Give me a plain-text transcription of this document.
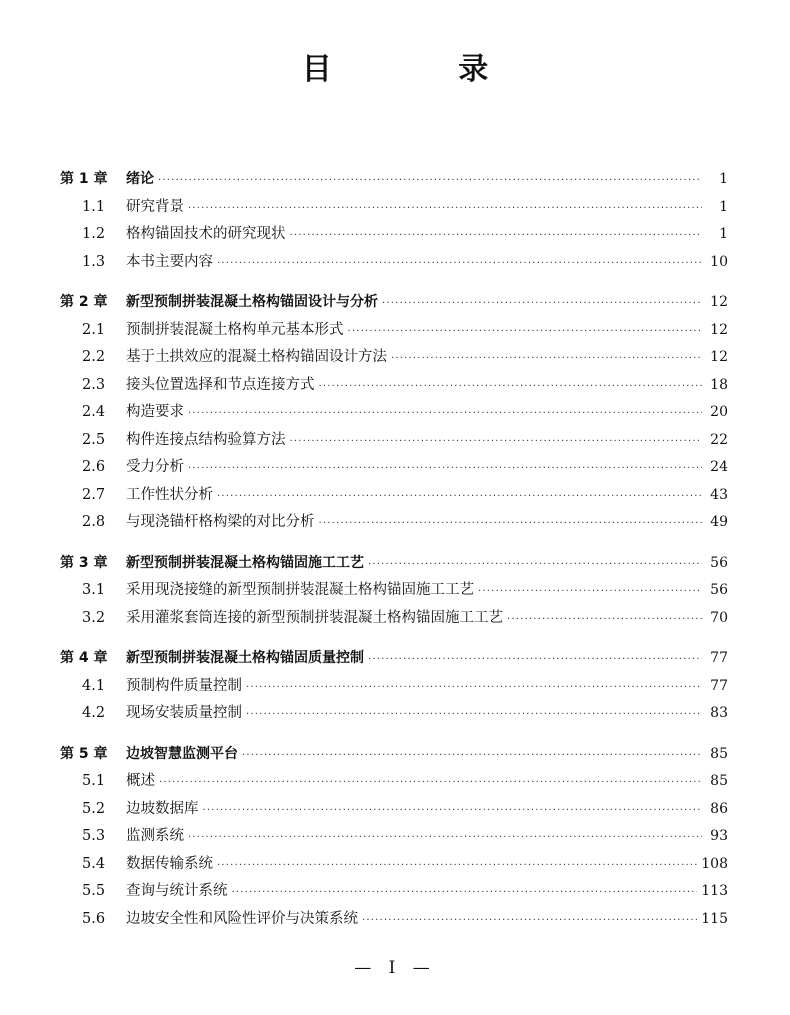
目 录
第 1 章	绪论 ·····	1
1.1	研究背景 ·····	1
1.2	格构锚固技术的研究现状 ·····	1
1.3	本书主要内容 ·····	10
第 2 章	新型预制拼装混凝土格构锚固设计与分析 ·····	12
2.1	预制拼装混凝土格构单元基本形式 ·····	12
2.2	基于土拱效应的混凝土格构锚固设计方法 ·····	12
2.3	接头位置选择和节点连接方式 ·····	18
2.4	构造要求 ·····	20
2.5	构件连接点结构验算方法 ·····	22
2.6	受力分析 ·····	24
2.7	工作性状分析 ·····	43
2.8	与现浇锚杆格构梁的对比分析 ·····	49
第 3 章	新型预制拼装混凝土格构锚固施工工艺 ·····	56
3.1	采用现浇接缝的新型预制拼装混凝土格构锚固施工工艺 ·····	56
3.2	采用灌浆套筒连接的新型预制拼装混凝土格构锚固施工工艺 ·····	70
第 4 章	新型预制拼装混凝土格构锚固质量控制 ·····	77
4.1	预制构件质量控制 ·····	77
4.2	现场安装质量控制 ·····	83
第 5 章	边坡智慧监测平台 ·····	85
5.1	概述 ·····	85
5.2	边坡数据库 ·····	86
5.3	监测系统 ·····	93
5.4	数据传输系统 ·····	108
5.5	查询与统计系统 ·····	113
5.6	边坡安全性和风险性评价与决策系统 ·····	115
— I —
